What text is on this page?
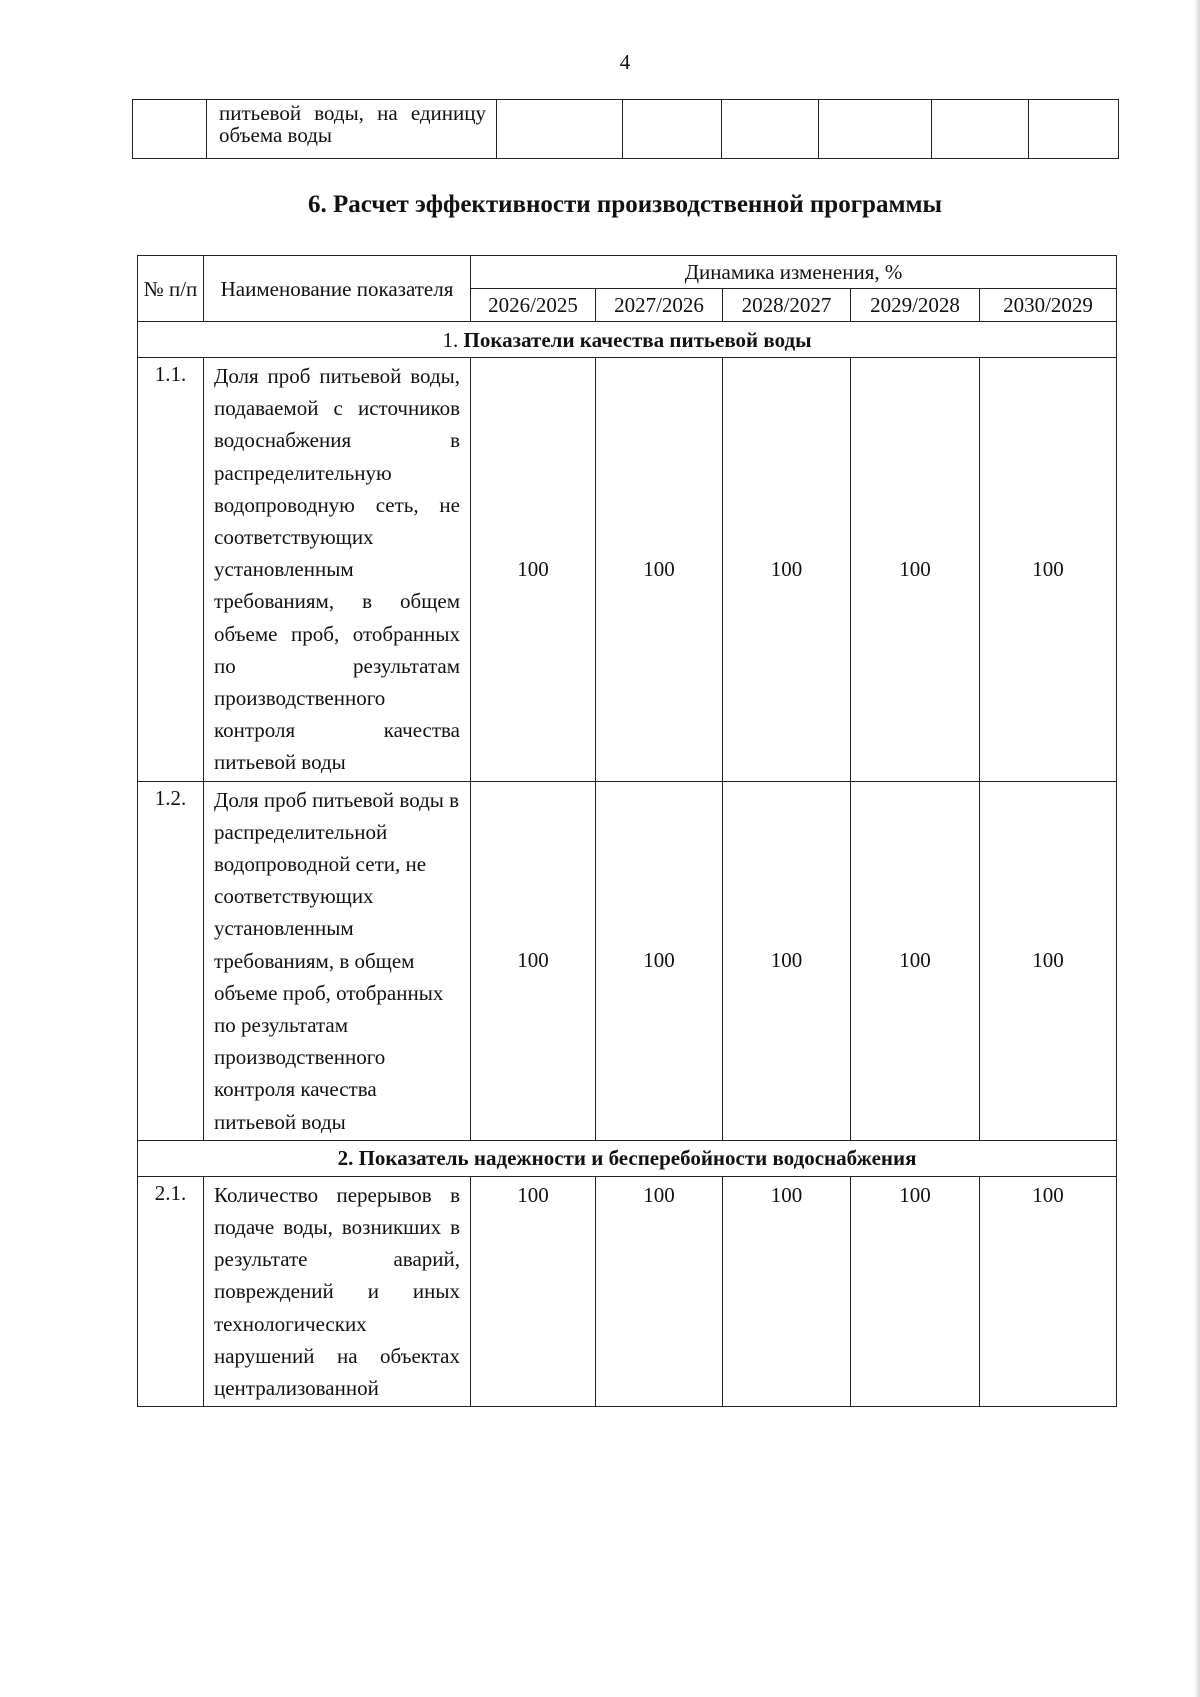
4
	питьевой воды, на единицу объема воды						
6. Расчет эффективности производственной программы
№ п/п	Наименование показателя	Динамика изменения, %				
		2026/2025	2027/2026	2028/2027	2029/2028	2030/2029
1. Показатели качества питьевой воды						
1.1.	Доля проб питьевой воды, подаваемой с источников водоснабжения в распределительную водопроводную сеть, не соответствующих установленным требованиям, в общем объеме проб, отобранных по результатам производственного контроля качества питьевой воды	100	100	100	100	100
1.2.	Доля проб питьевой воды в распределительной водопроводной сети, не соответствующих установленным требованиям, в общем объеме проб, отобранных по результатам производственного контроля качества питьевой воды	100	100	100	100	100
2. Показатель надежности и бесперебойности водоснабжения						
2.1.	Количество перерывов в подаче воды, возникших в результате аварий, повреждений и иных технологических нарушений на объектах централизованной	100	100	100	100	100
